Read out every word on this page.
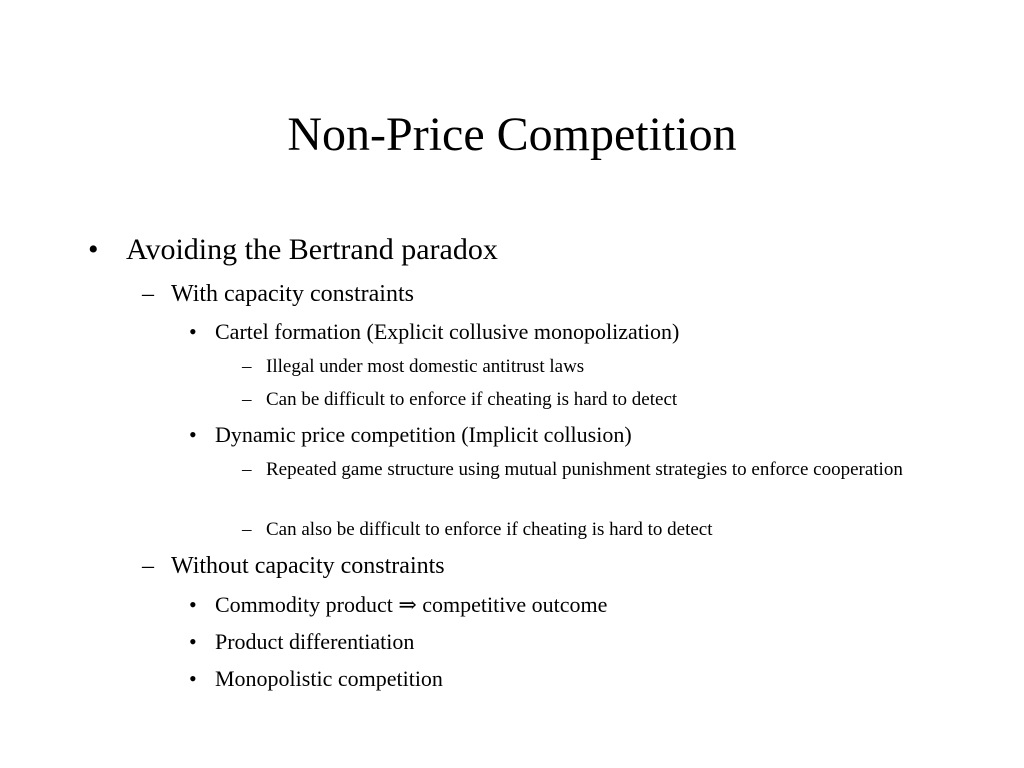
Non-Price Competition
• Avoiding the Bertrand paradox
– With capacity constraints
• Cartel formation (Explicit collusive monopolization)
– Illegal under most domestic antitrust laws
– Can be difficult to enforce if cheating is hard to detect
• Dynamic price competition (Implicit collusion)
– Repeated game structure using mutual punishment strategies to enforce cooperation
– Can also be difficult to enforce if cheating is hard to detect
– Without capacity constraints
• Commodity product ⇒ competitive outcome
• Product differentiation
• Monopolistic competition
